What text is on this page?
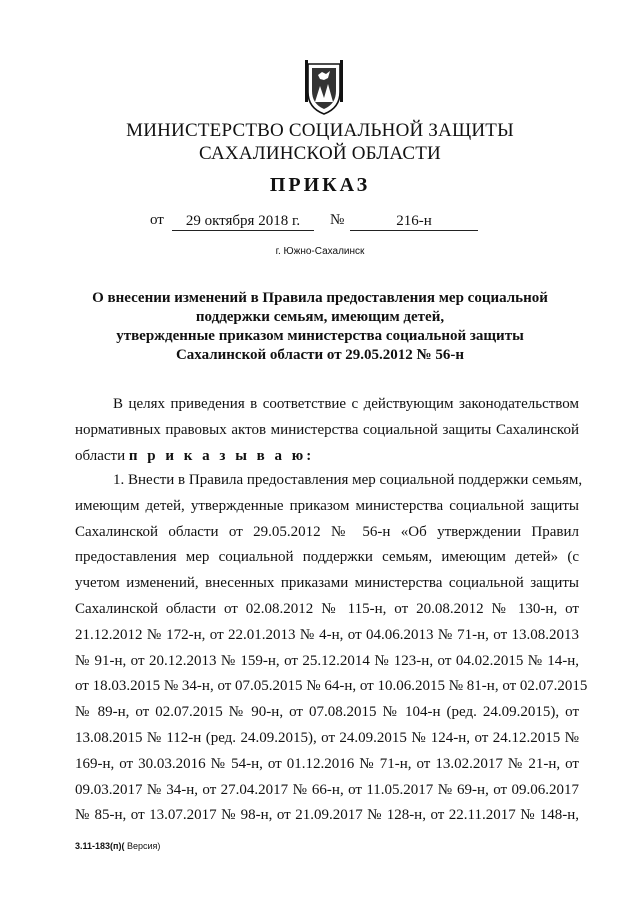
МИНИСТЕРСТВО СОЦИАЛЬНОЙ ЗАЩИТЫ
САХАЛИНСКОЙ ОБЛАСТИ
ПРИКАЗ
от	29 октября 2018 г.	№	216-н
г. Южно-Сахалинск
О внесении изменений в Правила предоставления мер социальной
поддержки семьям, имеющим детей,
утвержденные приказом министерства социальной защиты
Сахалинской области от 29.05.2012 № 56-н
В целях приведения в соответствие с действующим законодательством
нормативных правовых актов министерства социальной защиты Сахалинской
области п р и к а з ы в а ю:
1. Внести в Правила предоставления мер социальной поддержки семьям,
имеющим детей, утвержденные приказом министерства социальной защиты
Сахалинской области от 29.05.2012 № 56-н «Об утверждении Правил
предоставления мер социальной поддержки семьям, имеющим детей» (с
учетом изменений, внесенных приказами министерства социальной защиты
Сахалинской области от 02.08.2012 № 115-н, от 20.08.2012 № 130-н, от
21.12.2012 № 172-н, от 22.01.2013 № 4-н, от 04.06.2013 № 71-н, от 13.08.2013
№ 91-н, от 20.12.2013 № 159-н, от 25.12.2014 № 123-н, от 04.02.2015 № 14-н,
от 18.03.2015 № 34-н, от 07.05.2015 № 64-н, от 10.06.2015 № 81-н, от 02.07.2015
№ 89-н, от 02.07.2015 № 90-н, от 07.08.2015 № 104-н (ред. 24.09.2015), от
13.08.2015 № 112-н (ред. 24.09.2015), от 24.09.2015 № 124-н, от 24.12.2015 №
169-н, от 30.03.2016 № 54-н, от 01.12.2016 № 71-н, от 13.02.2017 № 21-н, от
09.03.2017 № 34-н, от 27.04.2017 № 66-н, от 11.05.2017 № 69-н, от 09.06.2017
№ 85-н, от 13.07.2017 № 98-н, от 21.09.2017 № 128-н, от 22.11.2017 № 148-н,
3.11-183(п)( Версия)
